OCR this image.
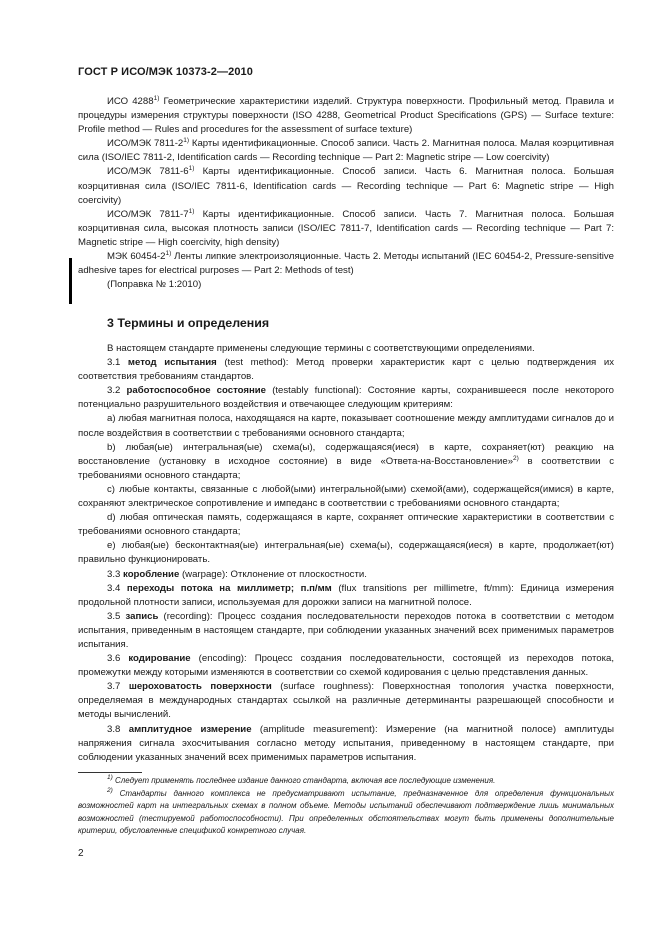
ГОСТ Р ИСО/МЭК 10373-2—2010

ИСО 4288$^{1)}$ Геометрические характеристики изделий. Структура поверхности. Профильный метод. Правила и процедуры измерения структуры поверхности (ISO 4288, Geometrical Product Specifications (GPS) — Surface texture: Profile method — Rules and procedures for the assessment of surface texture)

ИСО/МЭК 7811-2$^{1)}$ Карты идентификационные. Способ записи. Часть 2. Магнитная полоса. Малая коэрцитивная сила (ISO/IEC 7811-2, Identification cards — Recording technique — Part 2: Magnetic stripe — Low coercivity)

ИСО/МЭК 7811-6$^{1)}$ Карты идентификационные. Способ записи. Часть 6. Магнитная полоса. Большая коэрцитивная сила (ISO/IEC 7811-6, Identification cards — Recording technique — Part 6: Magnetic stripe — High coercivity)

ИСО/МЭК 7811-7$^{1)}$ Карты идентификационные. Способ записи. Часть 7. Магнитная полоса. Большая коэрцитивная сила, высокая плотность записи (ISO/IEC 7811-7, Identification cards — Recording technique — Part 7: Magnetic stripe — High coercivity, high density)

МЭК 60454-2$^{1)}$ Ленты липкие электроизоляционные. Часть 2. Методы испытаний (IEC 60454-2, Pressure-sensitive adhesive tapes for electrical purposes — Part 2: Methods of test)

(Поправка № 1:2010)

3 Термины и определения

В настоящем стандарте применены следующие термины с соответствующими определениями.

3.1 метод испытания (test method): Метод проверки характеристик карт с целью подтверждения их соответствия требованиям стандартов.

3.2 работоспособное состояние (testably functional): Состояние карты, сохранившееся после некоторого потенциально разрушительного воздействия и отвечающее следующим критериям:

а) любая магнитная полоса, находящаяся на карте, показывает соотношение между амплитудами сигналов до и после воздействия в соответствии с требованиями основного стандарта;

b) любая(ые) интегральная(ые) схема(ы), содержащаяся(иеся) в карте, сохраняет(ют) реакцию на восстановление (установку в исходное состояние) в виде «Ответа-на-Восстановление»$^{2)}$ в соответствии с требованиями основного стандарта;

с) любые контакты, связанные с любой(ыми) интегральной(ыми) схемой(ами), содержащейся(имися) в карте, сохраняют электрическое сопротивление и импеданс в соответствии с требованиями основного стандарта;

d) любая оптическая память, содержащаяся в карте, сохраняет оптические характеристики в соответствии с требованиями основного стандарта;

е) любая(ые) бесконтактная(ые) интегральная(ые) схема(ы), содержащаяся(иеся) в карте, продолжает(ют) правильно функционировать.

3.3 коробление (warpage): Отклонение от плоскостности.

3.4 переходы потока на миллиметр; п.п/мм (flux transitions per millimetre, ft/mm): Единица измерения продольной плотности записи, используемая для дорожки записи на магнитной полосе.

3.5 запись (recording): Процесс создания последовательности переходов потока в соответствии с методом испытания, приведенным в настоящем стандарте, при соблюдении указанных значений всех применимых параметров испытания.

3.6 кодирование (encoding): Процесс создания последовательности, состоящей из переходов потока, промежутки между которыми изменяются в соответствии со схемой кодирования с целью представления данных.

3.7 шероховатость поверхности (surface roughness): Поверхностная топология участка поверхности, определяемая в международных стандартах ссылкой на различные детерминанты разрешающей способности и методы вычислений.

3.8 амплитудное измерение (amplitude measurement): Измерение (на магнитной полосе) амплитуды напряжения сигнала эхосчитывания согласно методу испытания, приведенному в настоящем стандарте, при соблюдении указанных значений всех применимых параметров испытания.

$^{1)}$ Следует применять последнее издание данного стандарта, включая все последующие изменения.

$^{2)}$ Стандарты данного комплекса не предусматривают испытание, предназначенное для определения функциональных возможностей карт на интегральных схемах в полном объеме. Методы испытаний обеспечивают подтверждение лишь минимальных возможностей (тестируемой работоспособности). При определенных обстоятельствах могут быть применены дополнительные критерии, обусловленные спецификой конкретного случая.

2
